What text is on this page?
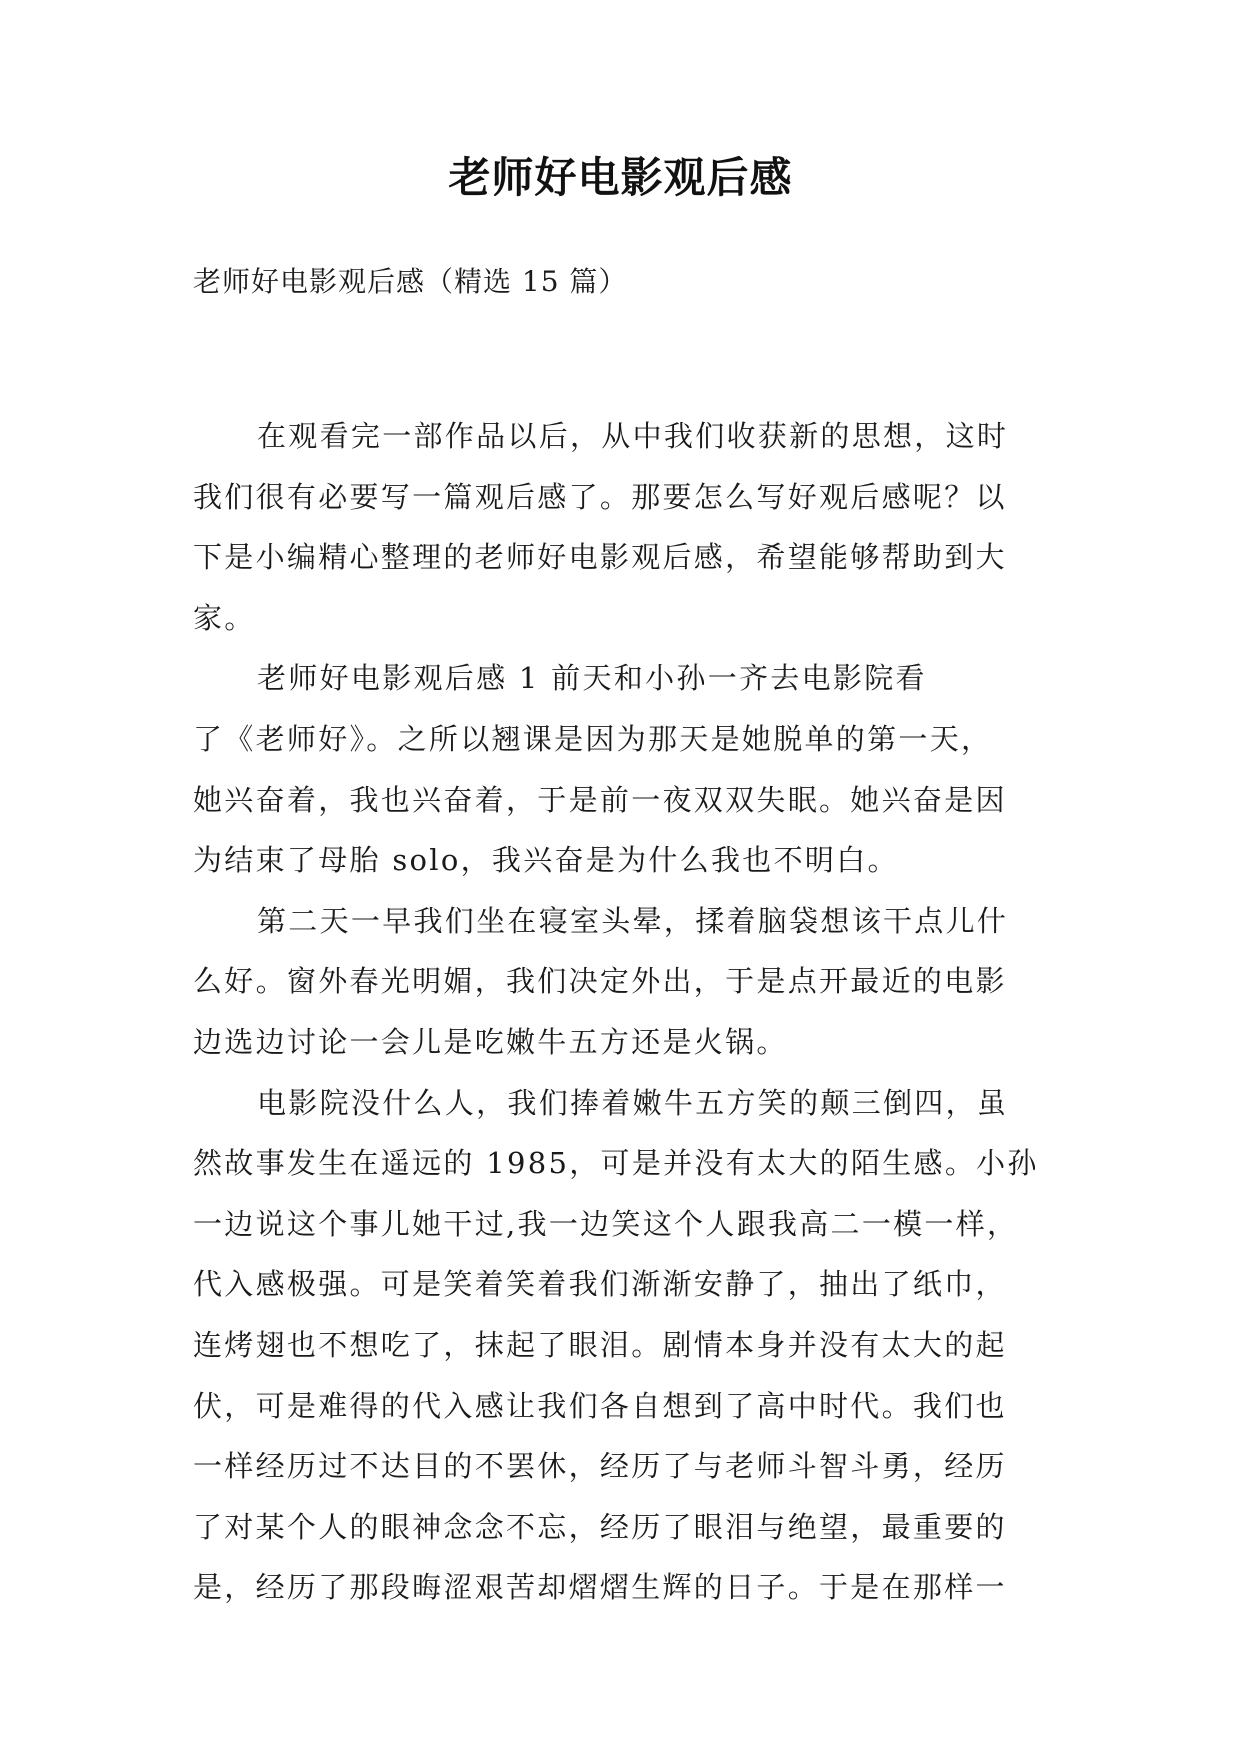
老师好电影观后感

老师好电影观后感（精选 15 篇）

在观看完一部作品以后，从中我们收获新的思想，这时
我们很有必要写一篇观后感了。那要怎么写好观后感呢？以
下是小编精心整理的老师好电影观后感，希望能够帮助到大
家。
老师好电影观后感 1 前天和小孙一齐去电影院看
了《老师好》。之所以翘课是因为那天是她脱单的第一天，
她兴奋着，我也兴奋着，于是前一夜双双失眠。她兴奋是因
为结束了母胎 solo，我兴奋是为什么我也不明白。
第二天一早我们坐在寝室头晕，揉着脑袋想该干点儿什
么好。窗外春光明媚，我们决定外出，于是点开最近的电影
边选边讨论一会儿是吃嫩牛五方还是火锅。
电影院没什么人，我们捧着嫩牛五方笑的颠三倒四，虽
然故事发生在遥远的 1985，可是并没有太大的陌生感。小孙
一边说这个事儿她干过,我一边笑这个人跟我高二一模一样，
代入感极强。可是笑着笑着我们渐渐安静了，抽出了纸巾，
连烤翅也不想吃了，抹起了眼泪。剧情本身并没有太大的起
伏，可是难得的代入感让我们各自想到了高中时代。我们也
一样经历过不达目的不罢休，经历了与老师斗智斗勇，经历
了对某个人的眼神念念不忘，经历了眼泪与绝望，最重要的
是，经历了那段晦涩艰苦却熠熠生辉的日子。于是在那样一
